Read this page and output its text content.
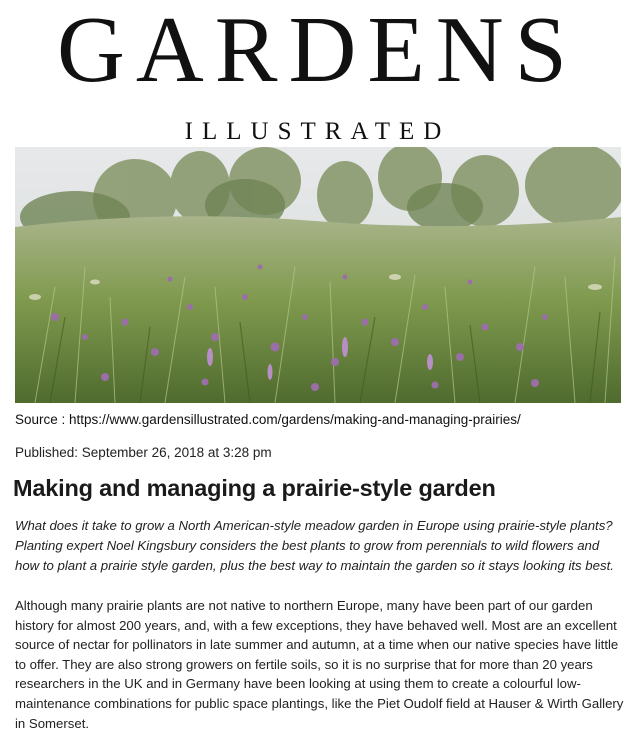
GARDENS
ILLUSTRATED
Source : https://www.gardensillustrated.com/gardens/making-and-managing-prairies/
Published: September 26, 2018 at 3:28 pm
Making and managing a prairie-style garden

What does it take to grow a North American-style meadow garden in Europe using prairie-style plants? Planting expert Noel Kingsbury considers the best plants to grow from perennials to wild flowers and how to plant a prairie style garden, plus the best way to maintain the garden so it stays looking its best.

Although many prairie plants are not native to northern Europe, many have been part of our garden history for almost 200 years, and, with a few exceptions, they have behaved well. Most are an excellent source of nectar for pollinators in late summer and autumn, at a time when our native species have little to offer. They are also strong growers on fertile soils, so it is no surprise that for more than 20 years researchers in the UK and in Germany have been looking at using them to create a colourful low-maintenance combinations for public space plantings, like the Piet Oudolf field at Hauser & Wirth Gallery in Somerset.
